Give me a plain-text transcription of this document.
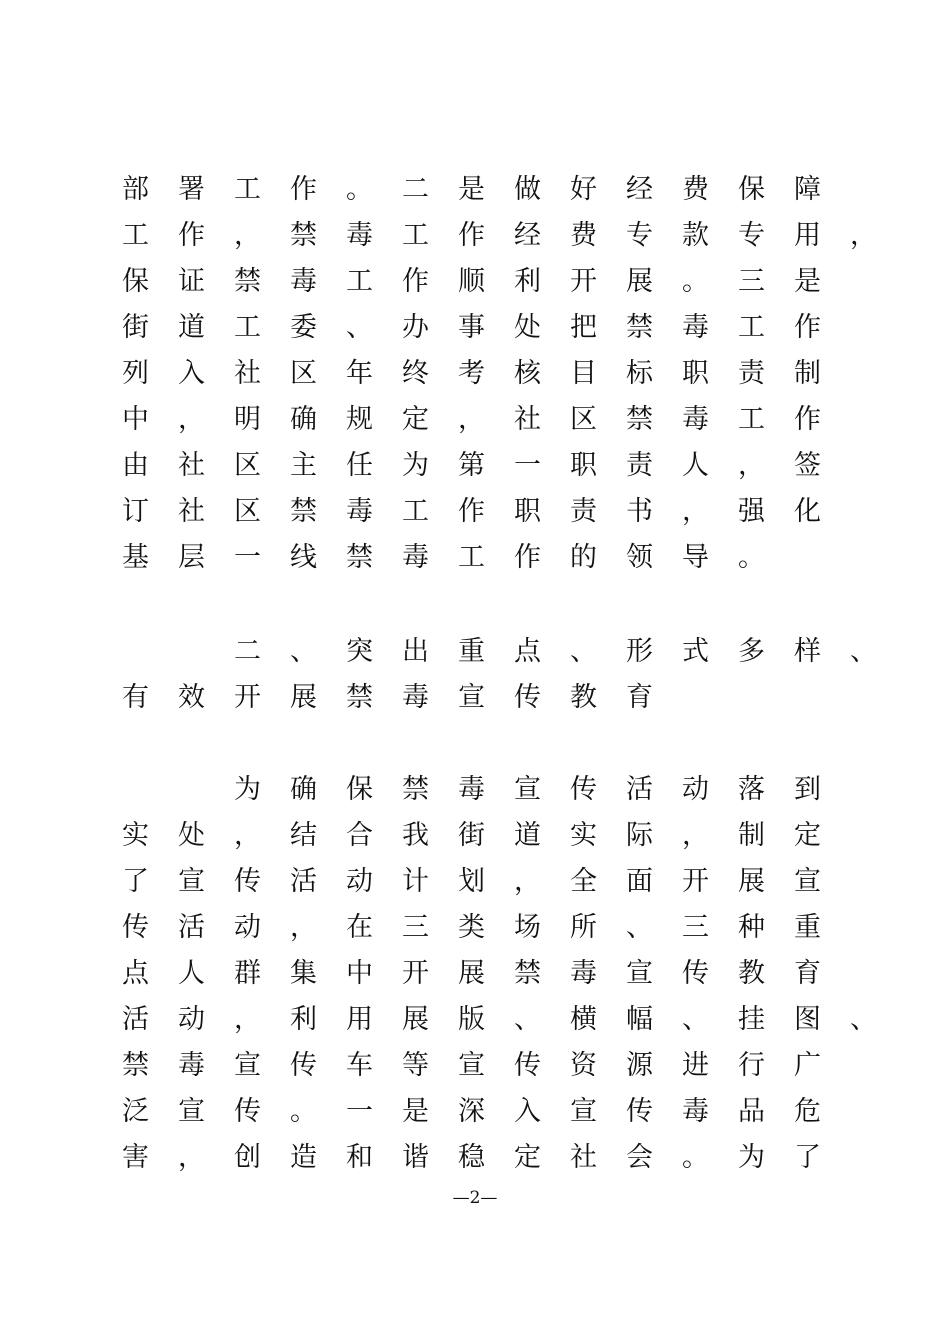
部	署	工	作	。	二	是	做	好	经	费	保	障
工	作	，	禁	毒	工	作	经	费	专	款	专	用	，
保	证	禁	毒	工	作	顺	利	开	展	。	三	是
街	道	工	委	、	办	事	处	把	禁	毒	工	作
列	入	社	区	年	终	考	核	目	标	职	责	制
中	，	明	确	规	定	，	社	区	禁	毒	工	作
由	社	区	主	任	为	第	一	职	责	人	，	签
订	社	区	禁	毒	工	作	职	责	书	，	强	化
基	层	一	线	禁	毒	工	作	的	领	导	。
二	、	突	出	重	点	、	形	式	多	样	、
有	效	开	展	禁	毒	宣	传	教	育
为	确	保	禁	毒	宣	传	活	动	落	到
实	处	，	结	合	我	街	道	实	际	，	制	定
了	宣	传	活	动	计	划	，	全	面	开	展	宣
传	活	动	，	在	三	类	场	所	、	三	种	重
点	人	群	集	中	开	展	禁	毒	宣	传	教	育
活	动	，	利	用	展	版	、	横	幅	、	挂	图	、
禁	毒	宣	传	车	等	宣	传	资	源	进	行	广
泛	宣	传	。	一	是	深	入	宣	传	毒	品	危
害	，	创	造	和	谐	稳	定	社	会	。	为	了
—2—
